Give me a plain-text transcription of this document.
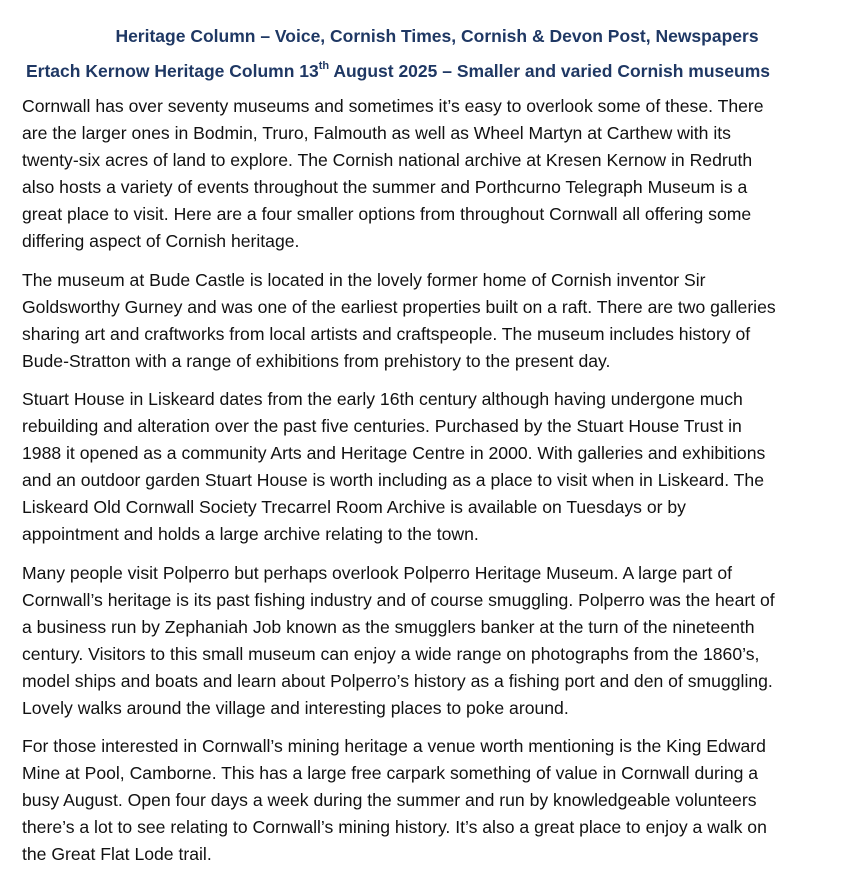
Heritage Column – Voice, Cornish Times, Cornish & Devon Post, Newspapers
Ertach Kernow Heritage Column 13th August 2025 – Smaller and varied Cornish museums

Cornwall has over seventy museums and sometimes it’s easy to overlook some of these. There
are the larger ones in Bodmin, Truro, Falmouth as well as Wheel Martyn at Carthew with its
twenty-six acres of land to explore. The Cornish national archive at Kresen Kernow in Redruth
also hosts a variety of events throughout the summer and Porthcurno Telegraph Museum is a
great place to visit. Here are a four smaller options from throughout Cornwall all offering some
differing aspect of Cornish heritage.

The museum at Bude Castle is located in the lovely former home of Cornish inventor Sir
Goldsworthy Gurney and was one of the earliest properties built on a raft. There are two galleries
sharing art and craftworks from local artists and craftspeople. The museum includes history of
Bude-Stratton with a range of exhibitions from prehistory to the present day.

Stuart House in Liskeard dates from the early 16th century although having undergone much
rebuilding and alteration over the past five centuries. Purchased by the Stuart House Trust in
1988 it opened as a community Arts and Heritage Centre in 2000. With galleries and exhibitions
and an outdoor garden Stuart House is worth including as a place to visit when in Liskeard. The
Liskeard Old Cornwall Society Trecarrel Room Archive is available on Tuesdays or by
appointment and holds a large archive relating to the town.

Many people visit Polperro but perhaps overlook Polperro Heritage Museum. A large part of
Cornwall’s heritage is its past fishing industry and of course smuggling. Polperro was the heart of
a business run by Zephaniah Job known as the smugglers banker at the turn of the nineteenth
century. Visitors to this small museum can enjoy a wide range on photographs from the 1860’s,
model ships and boats and learn about Polperro’s history as a fishing port and den of smuggling.
Lovely walks around the village and interesting places to poke around.

For those interested in Cornwall’s mining heritage a venue worth mentioning is the King Edward
Mine at Pool, Camborne. This has a large free carpark something of value in Cornwall during a
busy August. Open four days a week during the summer and run by knowledgeable volunteers
there’s a lot to see relating to Cornwall’s mining history. It’s also a great place to enjoy a walk on
the Great Flat Lode trail.
